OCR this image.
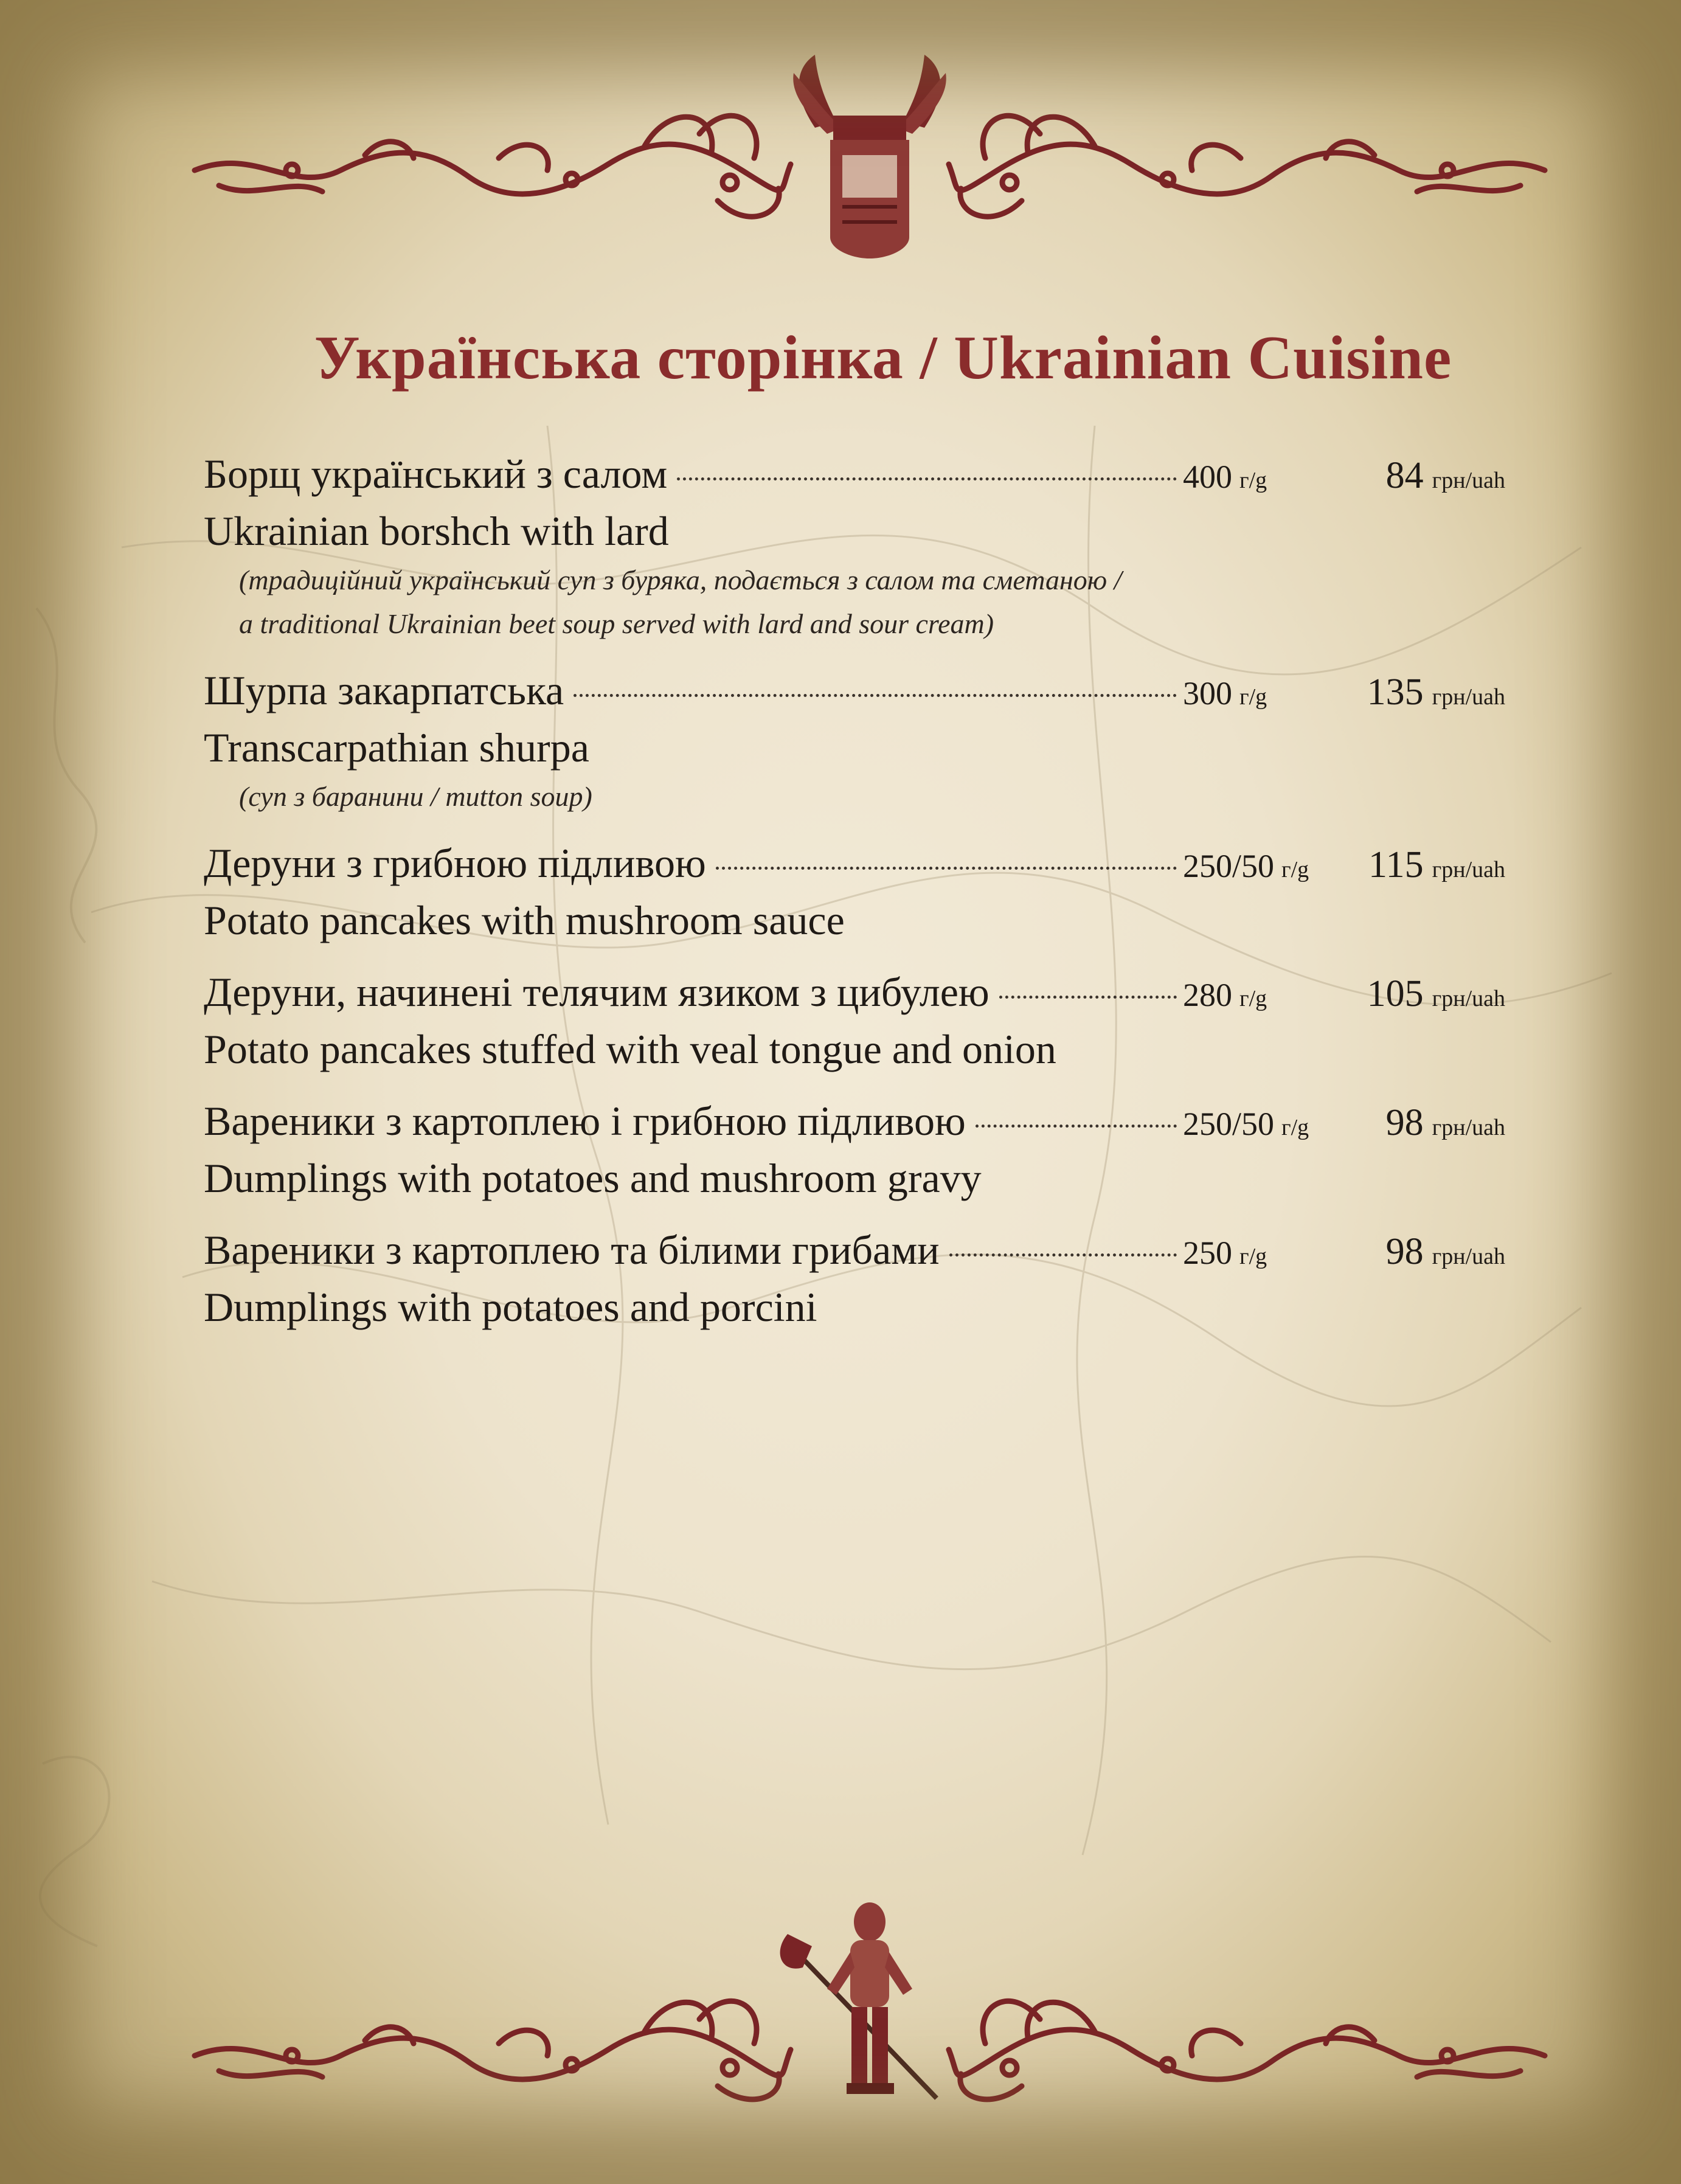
Українська сторінка / Ukrainian Cuisine
Борщ український з салом	400 г/g	84 грн/uah
Ukrainian borshch with lard
(традиційний український суп з буряка, подається з салом та сметаною /
a traditional Ukrainian beet soup served with lard and sour cream)
Шурпа закарпатська	300 г/g	135 грн/uah
Transcarpathian shurpa
(суп з баранини / mutton soup)
Деруни з грибною підливою	250/50 г/g	115 грн/uah
Potato pancakes with mushroom sauce
Деруни, начинені телячим язиком з цибулею	280 г/g	105 грн/uah
Potato pancakes stuffed with veal tongue and onion
Вареники з картоплею і грибною підливою	250/50 г/g	98 грн/uah
Dumplings with potatoes and mushroom gravy
Вареники з картоплею та білими грибами	250 г/g	98 грн/uah
Dumplings with potatoes and porcini
